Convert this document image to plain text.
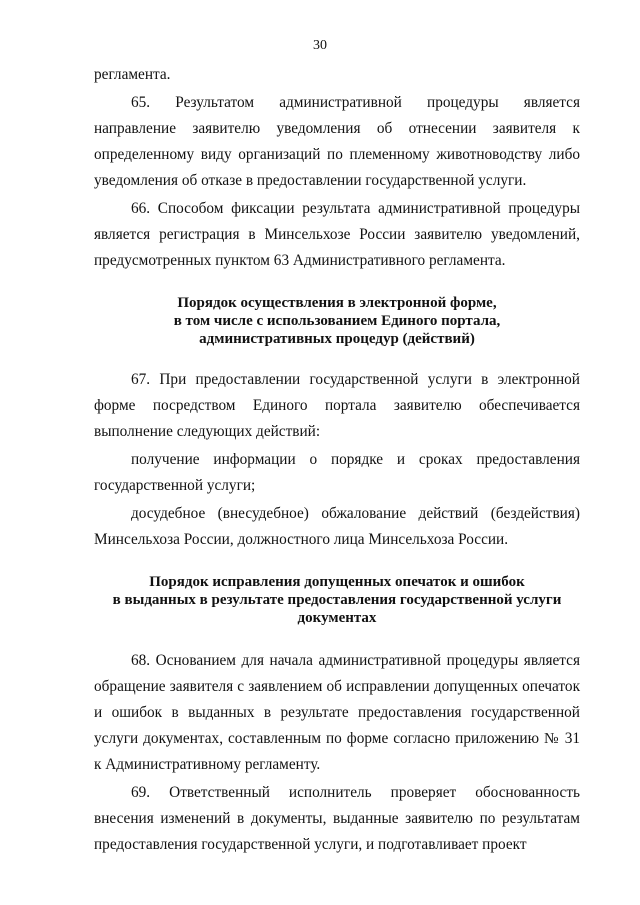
30

регламента.

65. Результатом административной процедуры является направление заявителю уведомления об отнесении заявителя к определенному виду организаций по племенному животноводству либо уведомления об отказе в предоставлении государственной услуги.

66. Способом фиксации результата административной процедуры является регистрация в Минсельхозе России заявителю уведомлений, предусмотренных пунктом 63 Административного регламента.

Порядок осуществления в электронной форме,

в том числе с использованием Единого портала,

административных процедур (действий)

67. При предоставлении государственной услуги в электронной форме посредством Единого портала заявителю обеспечивается выполнение следующих действий:

получение информации о порядке и сроках предоставления государственной услуги;

досудебное (внесудебное) обжалование действий (бездействия) Минсельхоза России, должностного лица Минсельхоза России.

Порядок исправления допущенных опечаток и ошибок

в выданных в результате предоставления государственной услуги

документах

68. Основанием для начала административной процедуры является обращение заявителя с заявлением об исправлении допущенных опечаток и ошибок в выданных в результате предоставления государственной услуги документах, составленным по форме согласно приложению № 31 к Административному регламенту.

69. Ответственный исполнитель проверяет обоснованность внесения изменений в документы, выданные заявителю по результатам предоставления государственной услуги, и подготавливает проект
